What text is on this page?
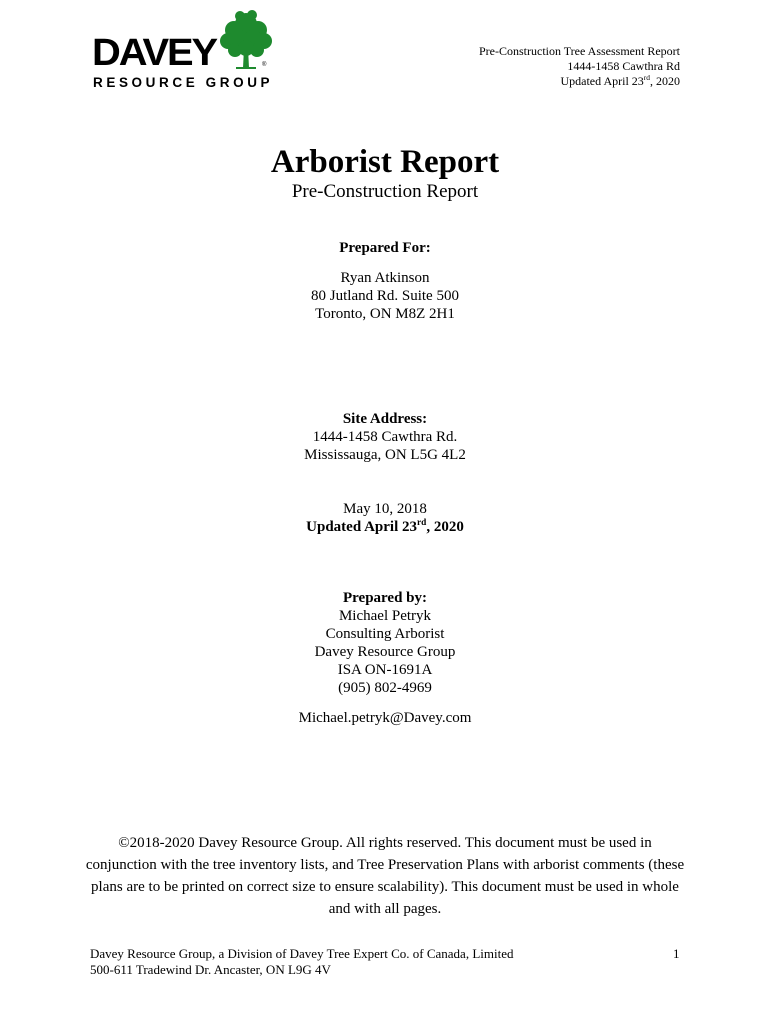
DAVEY	®
RESOURCE GROUP
Pre-Construction Tree Assessment Report
1444-1458 Cawthra Rd
Updated April 23rd, 2020
Arborist Report
Pre-Construction Report
Prepared For:
Ryan Atkinson
80 Jutland Rd. Suite 500
Toronto, ON M8Z 2H1
Site Address:
1444-1458 Cawthra Rd.
Mississauga, ON L5G 4L2
May 10, 2018
Updated April 23rd, 2020
Prepared by:
Michael Petryk
Consulting Arborist
Davey Resource Group
ISA ON-1691A
(905) 802-4969
Michael.petryk@Davey.com
©2018-2020 Davey Resource Group. All rights reserved. This document must be used in conjunction with the tree inventory lists, and Tree Preservation Plans with arborist comments (these plans are to be printed on correct size to ensure scalability). This document must be used in whole and with all pages.
Davey Resource Group, a Division of Davey Tree Expert Co. of Canada, Limited
500-611 Tradewind Dr. Ancaster, ON L9G 4V
1
